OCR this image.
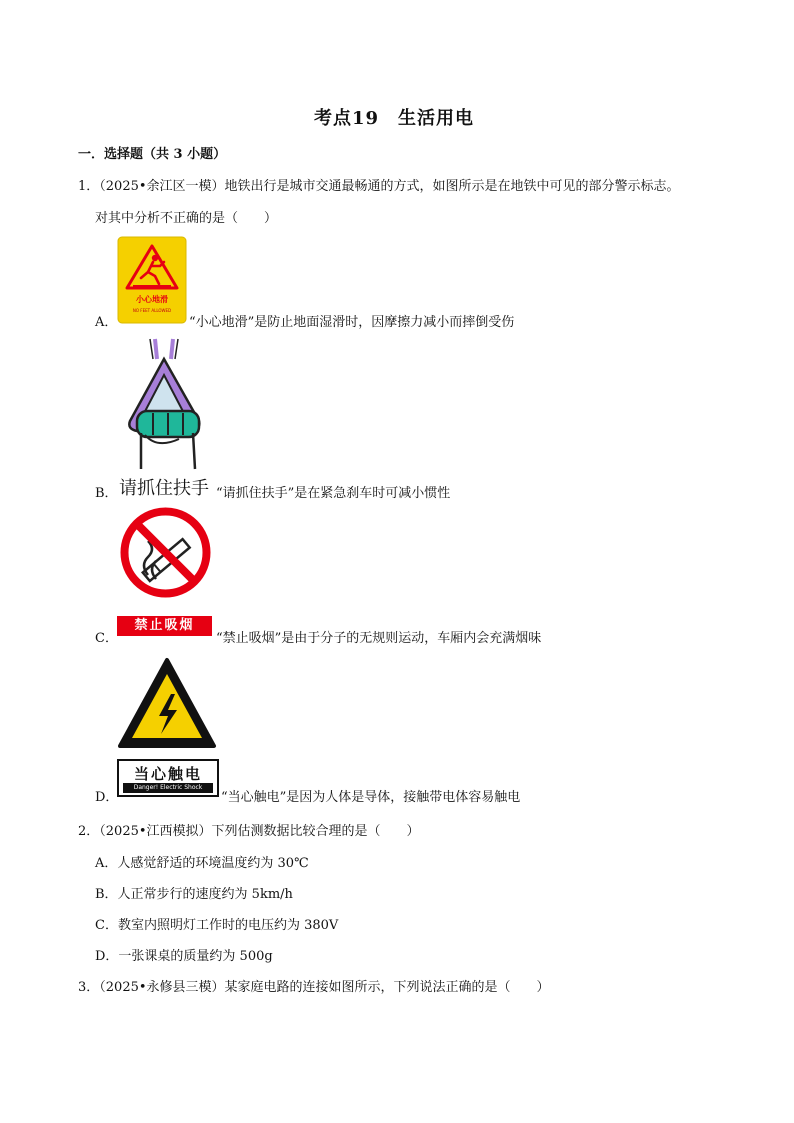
考点19　生活用电
一．选择题（共 3 小题）
1．（2025•余江区一模）地铁出行是城市交通最畅通的方式，如图所示是在地铁中可见的部分警示标志。
对其中分析不正确的是（　　）
A．
小心地滑
NO FEET ALLOWED
“小心地滑”是防止地面湿滑时，因摩擦力减小而摔倒受伤
请抓住扶手
B．	“请抓住扶手”是在紧急刹车时可减小惯性
禁止吸烟
C．	“禁止吸烟”是由于分子的无规则运动，车厢内会充满烟味
当心触电
Danger! Electric Shock
D．	“当心触电”是因为人体是导体，接触带电体容易触电
2．（2025•江西模拟）下列估测数据比较合理的是（　　）
A．人感觉舒适的环境温度约为 30℃
B．人正常步行的速度约为 5km/h
C．教室内照明灯工作时的电压约为 380V
D．一张课桌的质量约为 500g
3．（2025•永修县三模）某家庭电路的连接如图所示，下列说法正确的是（　　）
